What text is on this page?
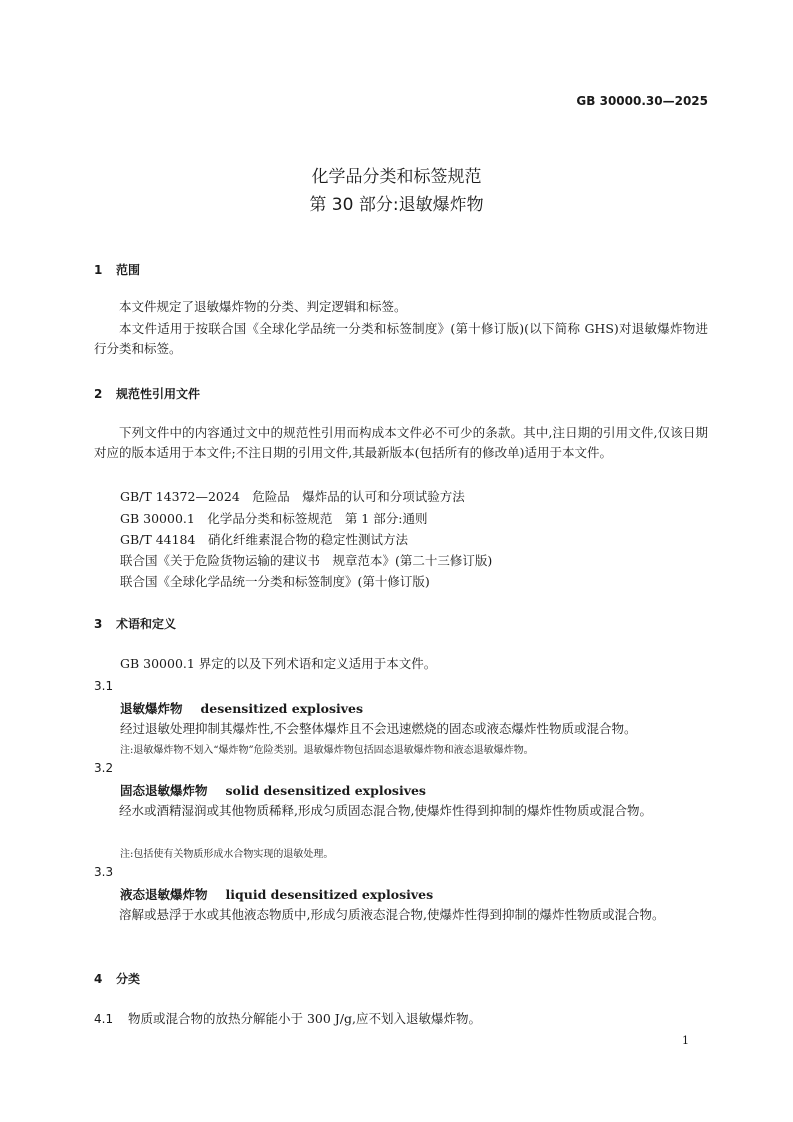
GB 30000.30—2025
化学品分类和标签规范
第 30 部分:退敏爆炸物
1 范围
本文件规定了退敏爆炸物的分类、判定逻辑和标签。
本文件适用于按联合国《全球化学品统一分类和标签制度》(第十修订版)(以下简称 GHS)对退敏爆炸物进行分类和标签。
2 规范性引用文件
下列文件中的内容通过文中的规范性引用而构成本文件必不可少的条款。其中,注日期的引用文件,仅该日期对应的版本适用于本文件;不注日期的引用文件,其最新版本(包括所有的修改单)适用于本文件。
GB/T 14372—2024　危险品　爆炸品的认可和分项试验方法
GB 30000.1　化学品分类和标签规范　第 1 部分:通则
GB/T 44184　硝化纤维素混合物的稳定性测试方法
联合国《关于危险货物运输的建议书　规章范本》(第二十三修订版)
联合国《全球化学品统一分类和标签制度》(第十修订版)
3 术语和定义
GB 30000.1 界定的以及下列术语和定义适用于本文件。
3.1
退敏爆炸物 desensitized explosives
经过退敏处理抑制其爆炸性,不会整体爆炸且不会迅速燃烧的固态或液态爆炸性物质或混合物。
注:退敏爆炸物不划入“爆炸物”危险类别。退敏爆炸物包括固态退敏爆炸物和液态退敏爆炸物。
3.2
固态退敏爆炸物 solid desensitized explosives
经水或酒精湿润或其他物质稀释,形成匀质固态混合物,使爆炸性得到抑制的爆炸性物质或混合物。
注:包括使有关物质形成水合物实现的退敏处理。
3.3
液态退敏爆炸物 liquid desensitized explosives
溶解或悬浮于水或其他液态物质中,形成匀质液态混合物,使爆炸性得到抑制的爆炸性物质或混合物。
4 分类
4.1 物质或混合物的放热分解能小于 300 J/g,应不划入退敏爆炸物。
1
